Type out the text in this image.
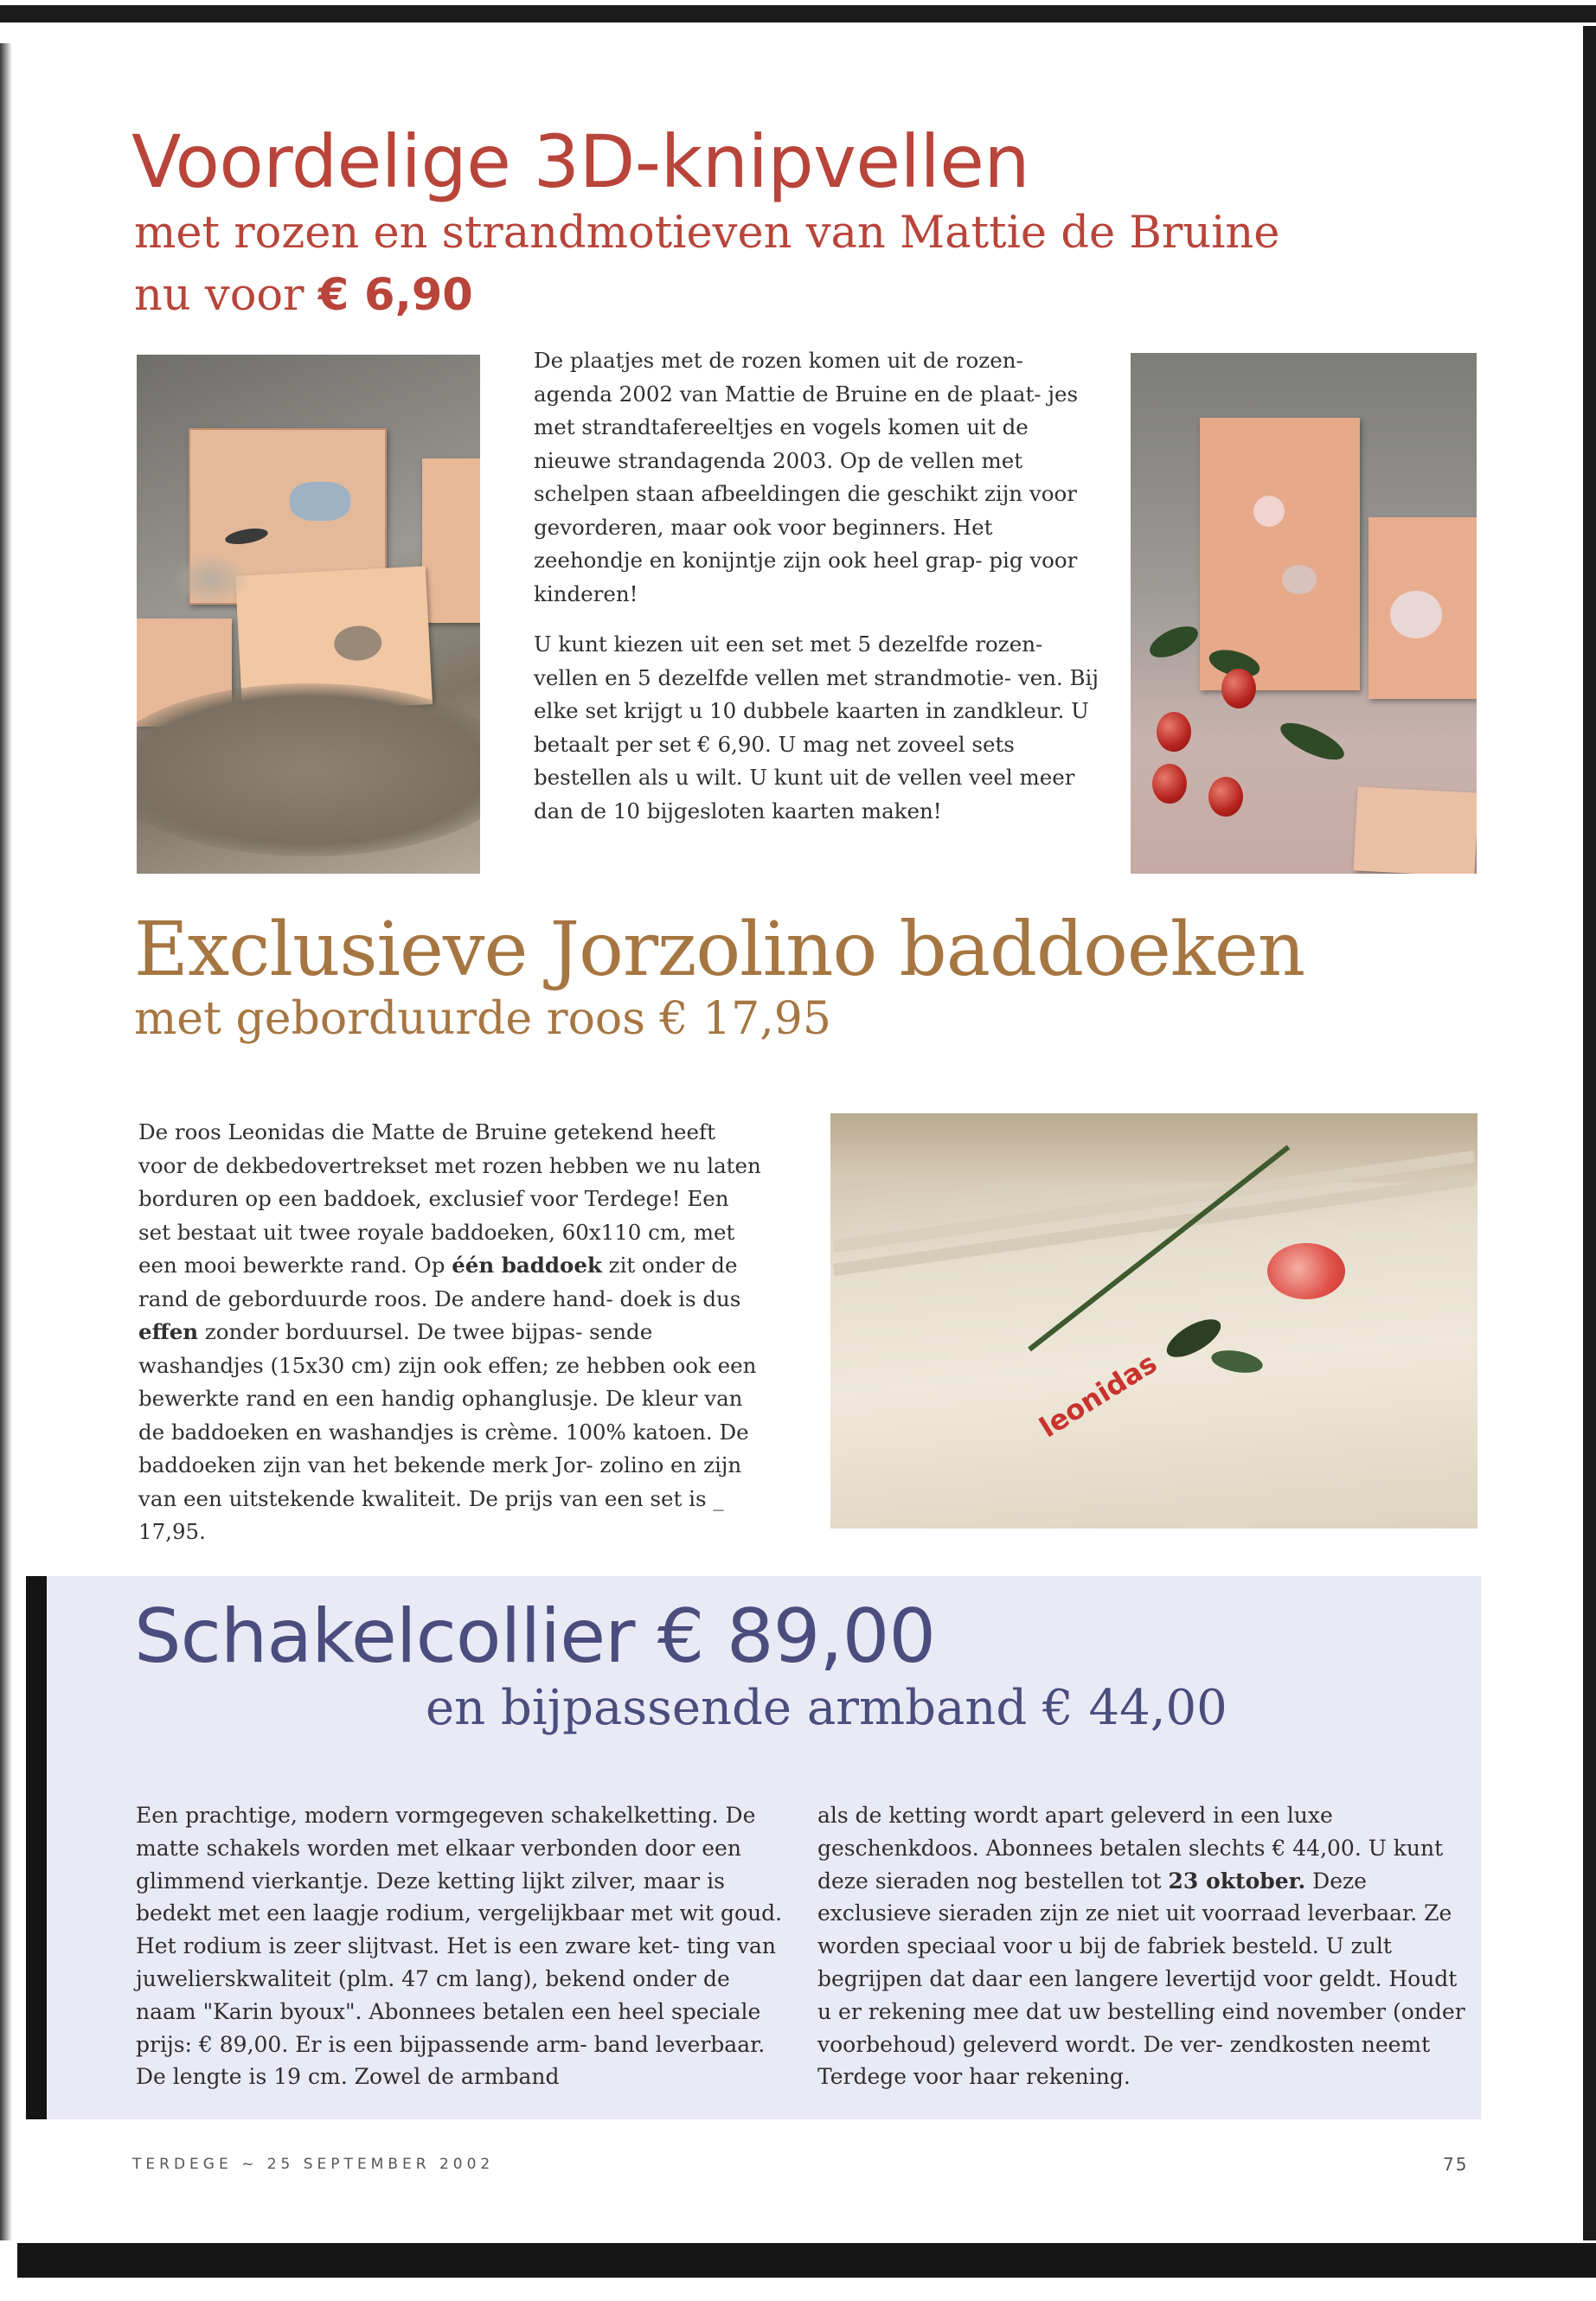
Voordelige 3D-knipvellen
met rozen en strandmotieven van Mattie de Bruine
nu voor € 6,90

De plaatjes met de rozen komen uit de rozen- agenda 2002 van Mattie de Bruine en de plaat- jes met strandtafereeltjes en vogels komen uit de nieuwe strandagenda 2003. Op de vellen met schelpen staan afbeeldingen die geschikt zijn voor gevorderen, maar ook voor beginners. Het zeehondje en konijntje zijn ook heel grap- pig voor kinderen!

U kunt kiezen uit een set met 5 dezelfde rozen- vellen en 5 dezelfde vellen met strandmotie- ven. Bij elke set krijgt u 10 dubbele kaarten in zandkleur. U betaalt per set € 6,90. U mag net zoveel sets bestellen als u wilt. U kunt uit de vellen veel meer dan de 10 bijgesloten kaarten maken!

Exclusieve Jorzolino baddoeken
met geborduurde roos € 17,95
De roos Leonidas die Matte de Bruine getekend heeft voor de dekbedovertrekset met rozen hebben we nu laten borduren op een baddoek, exclusief voor Terdege! Een set bestaat uit twee royale baddoeken, 60x110 cm, met een mooi bewerkte rand. Op één baddoek zit onder de rand de geborduurde roos. De andere hand- doek is dus effen zonder borduursel. De twee bijpas- sende washandjes (15x30 cm) zijn ook effen; ze hebben ook een bewerkte rand en een handig ophanglusje. De kleur van de baddoeken en washandjes is crème. 100% katoen. De baddoeken zijn van het bekende merk Jor- zolino en zijn van een uitstekende kwaliteit. De prijs van een set is _ 17,95.
leonidas
Schakelcollier € 89,00
en bijpassende armband € 44,00
Een prachtige, modern vormgegeven schakelketting. De matte schakels worden met elkaar verbonden door een glimmend vierkantje. Deze ketting lijkt zilver, maar is bedekt met een laagje rodium, vergelijkbaar met wit goud. Het rodium is zeer slijtvast. Het is een zware ket- ting van juwelierskwaliteit (plm. 47 cm lang), bekend onder de naam "Karin byoux". Abonnees betalen een heel speciale prijs: € 89,00. Er is een bijpassende arm- band leverbaar. De lengte is 19 cm. Zowel de armband
als de ketting wordt apart geleverd in een luxe geschenkdoos. Abonnees betalen slechts € 44,00. U kunt deze sieraden nog bestellen tot 23 oktober. Deze exclusieve sieraden zijn ze niet uit voorraad leverbaar. Ze worden speciaal voor u bij de fabriek besteld. U zult begrijpen dat daar een langere levertijd voor geldt. Houdt u er rekening mee dat uw bestelling eind november (onder voorbehoud) geleverd wordt. De ver- zendkosten neemt Terdege voor haar rekening.
TERDEGE ~ 25 SEPTEMBER 2002	75
